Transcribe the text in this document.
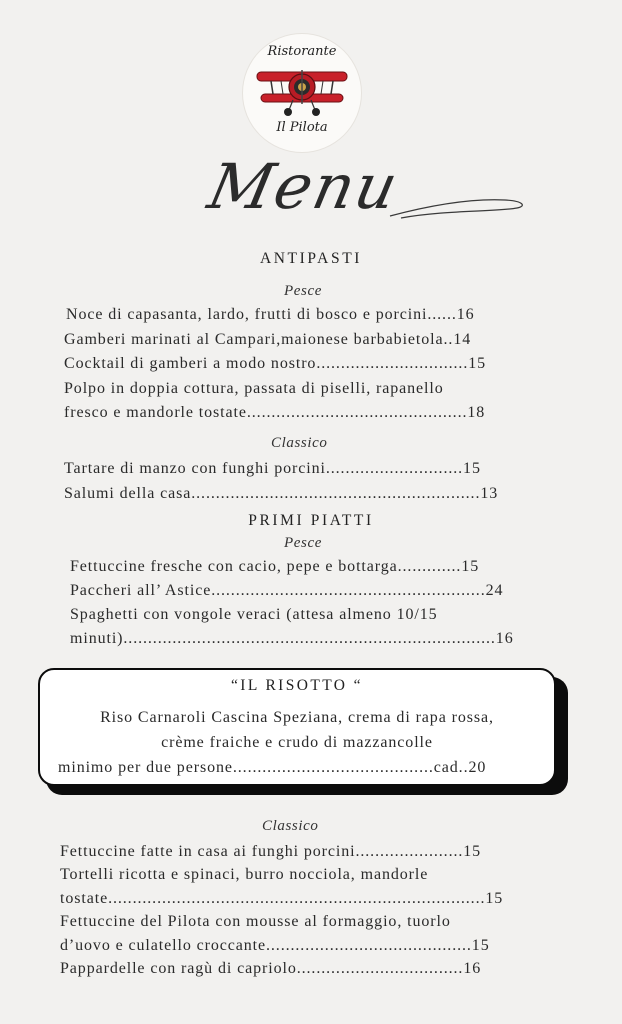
Ristorante
Il Pilota
Menu
ANTIPASTI
Pesce
Noce di capasanta, lardo, frutti di bosco e porcini......16
Gamberi marinati al Campari,maionese barbabietola..14
Cocktail di gamberi a modo nostro...............................15
Polpo in doppia cottura, passata di piselli, rapanello
fresco e mandorle tostate.............................................18
Classico
Tartare di manzo con funghi porcini............................15
Salumi della casa...........................................................13
PRIMI PIATTI
Pesce
Fettuccine fresche con cacio, pepe e bottarga.............15
Paccheri all’ Astice........................................................24
Spaghetti con vongole veraci (attesa almeno 10/15
minuti)............................................................................16
“IL RISOTTO “
Riso Carnaroli Cascina Speziana, crema di rapa rossa,
crème fraiche e crudo di mazzancolle
minimo per due persone.........................................cad..20
Classico
Fettuccine fatte in casa ai funghi porcini......................15
Tortelli ricotta e spinaci, burro nocciola, mandorle
tostate.............................................................................15
Fettuccine del Pilota con mousse al formaggio, tuorlo
d’uovo e culatello croccante..........................................15
Pappardelle con ragù di capriolo..................................16
